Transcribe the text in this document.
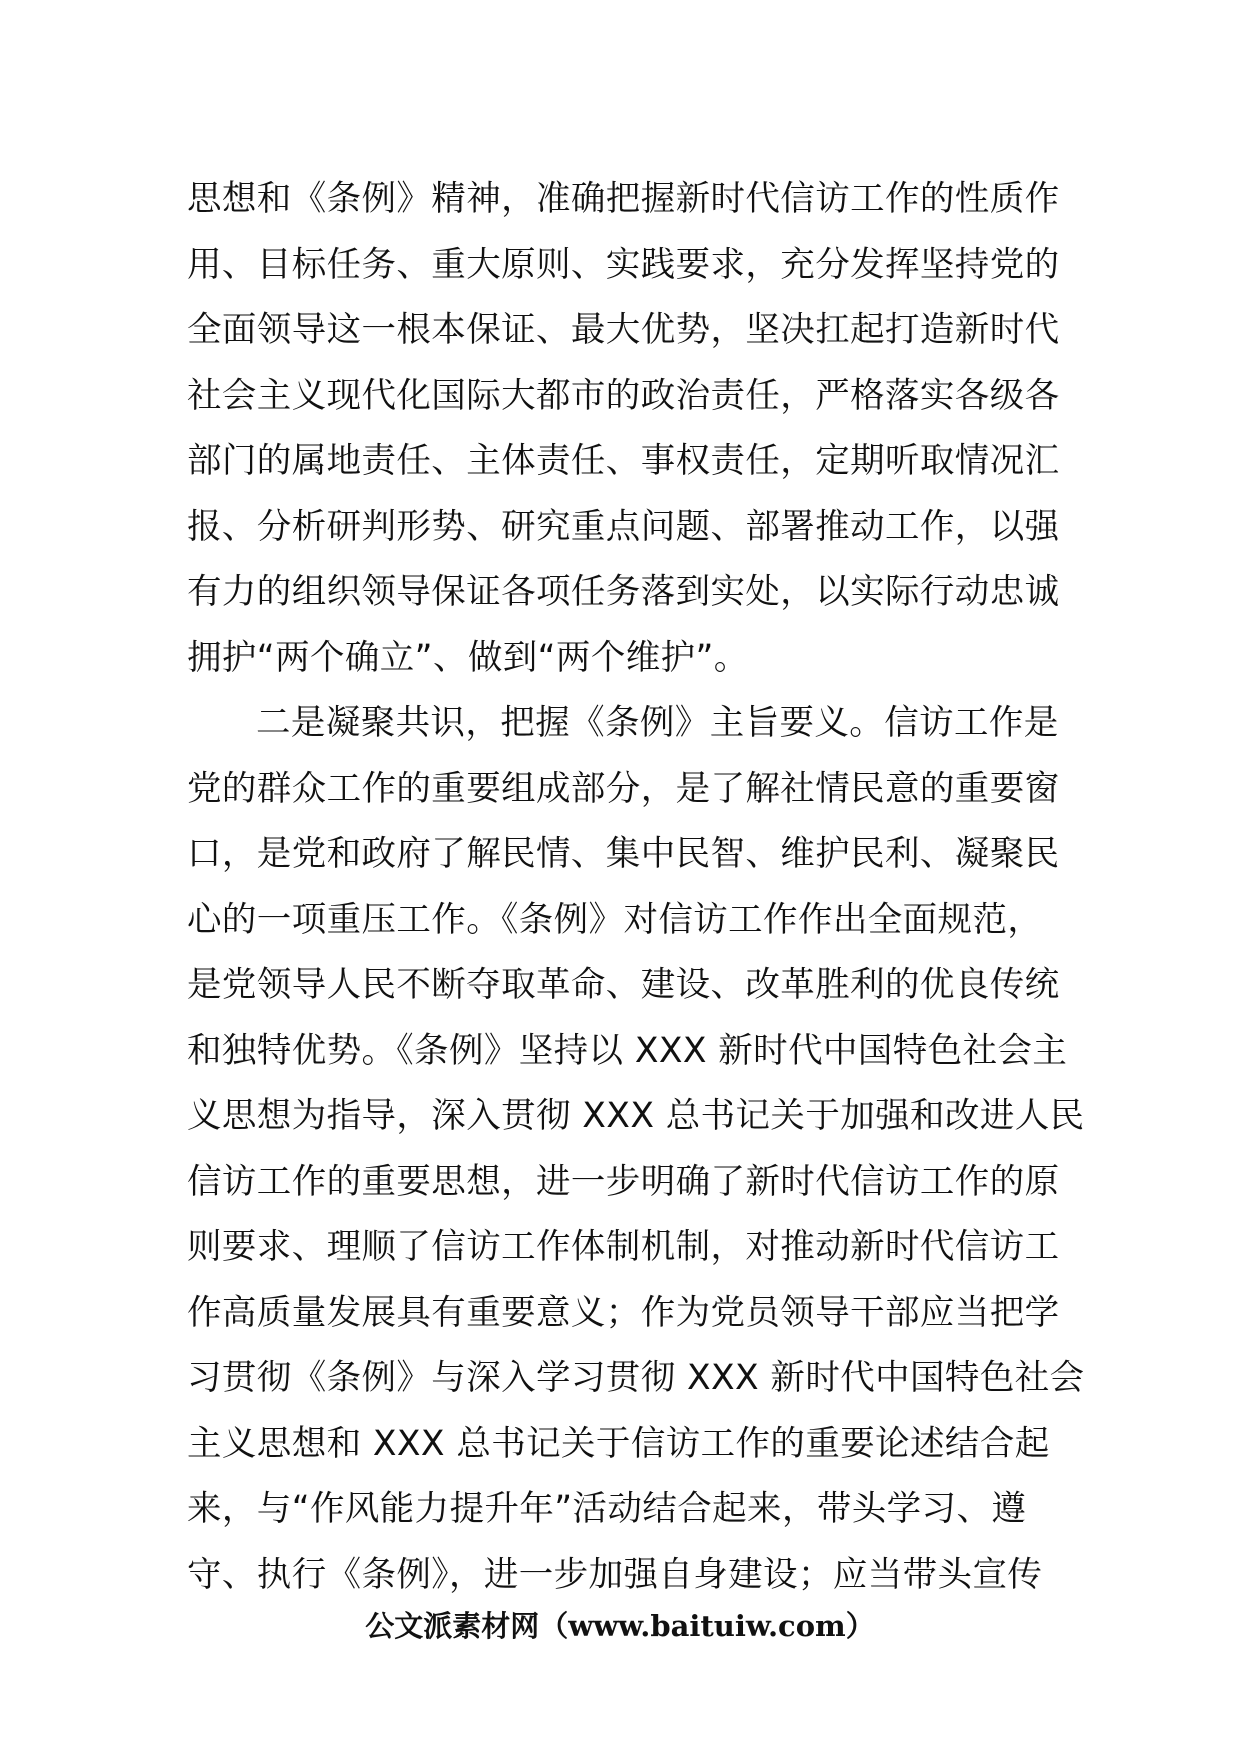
思想和《条例》精神，准确把握新时代信访工作的性质作
用、目标任务、重大原则、实践要求，充分发挥坚持党的
全面领导这一根本保证、最大优势，坚决扛起打造新时代
社会主义现代化国际大都市的政治责任，严格落实各级各
部门的属地责任、主体责任、事权责任，定期听取情况汇
报、分析研判形势、研究重点问题、部署推动工作，以强
有力的组织领导保证各项任务落到实处，以实际行动忠诚
拥护“两个确立”、做到“两个维护”。
二是凝聚共识，把握《条例》主旨要义。信访工作是
党的群众工作的重要组成部分，是了解社情民意的重要窗
口，是党和政府了解民情、集中民智、维护民利、凝聚民
心的一项重压工作。《条例》对信访工作作出全面规范，
是党领导人民不断夺取革命、建设、改革胜利的优良传统
和独特优势。《条例》坚持以 XXX 新时代中国特色社会主
义思想为指导，深入贯彻 XXX 总书记关于加强和改进人民
信访工作的重要思想，进一步明确了新时代信访工作的原
则要求、理顺了信访工作体制机制，对推动新时代信访工
作高质量发展具有重要意义；作为党员领导干部应当把学
习贯彻《条例》与深入学习贯彻 XXX 新时代中国特色社会
主义思想和 XXX 总书记关于信访工作的重要论述结合起
来，与“作风能力提升年”活动结合起来，带头学习、遵
守、执行《条例》，进一步加强自身建设；应当带头宣传
公文派素材网（www.baituiw.com）
